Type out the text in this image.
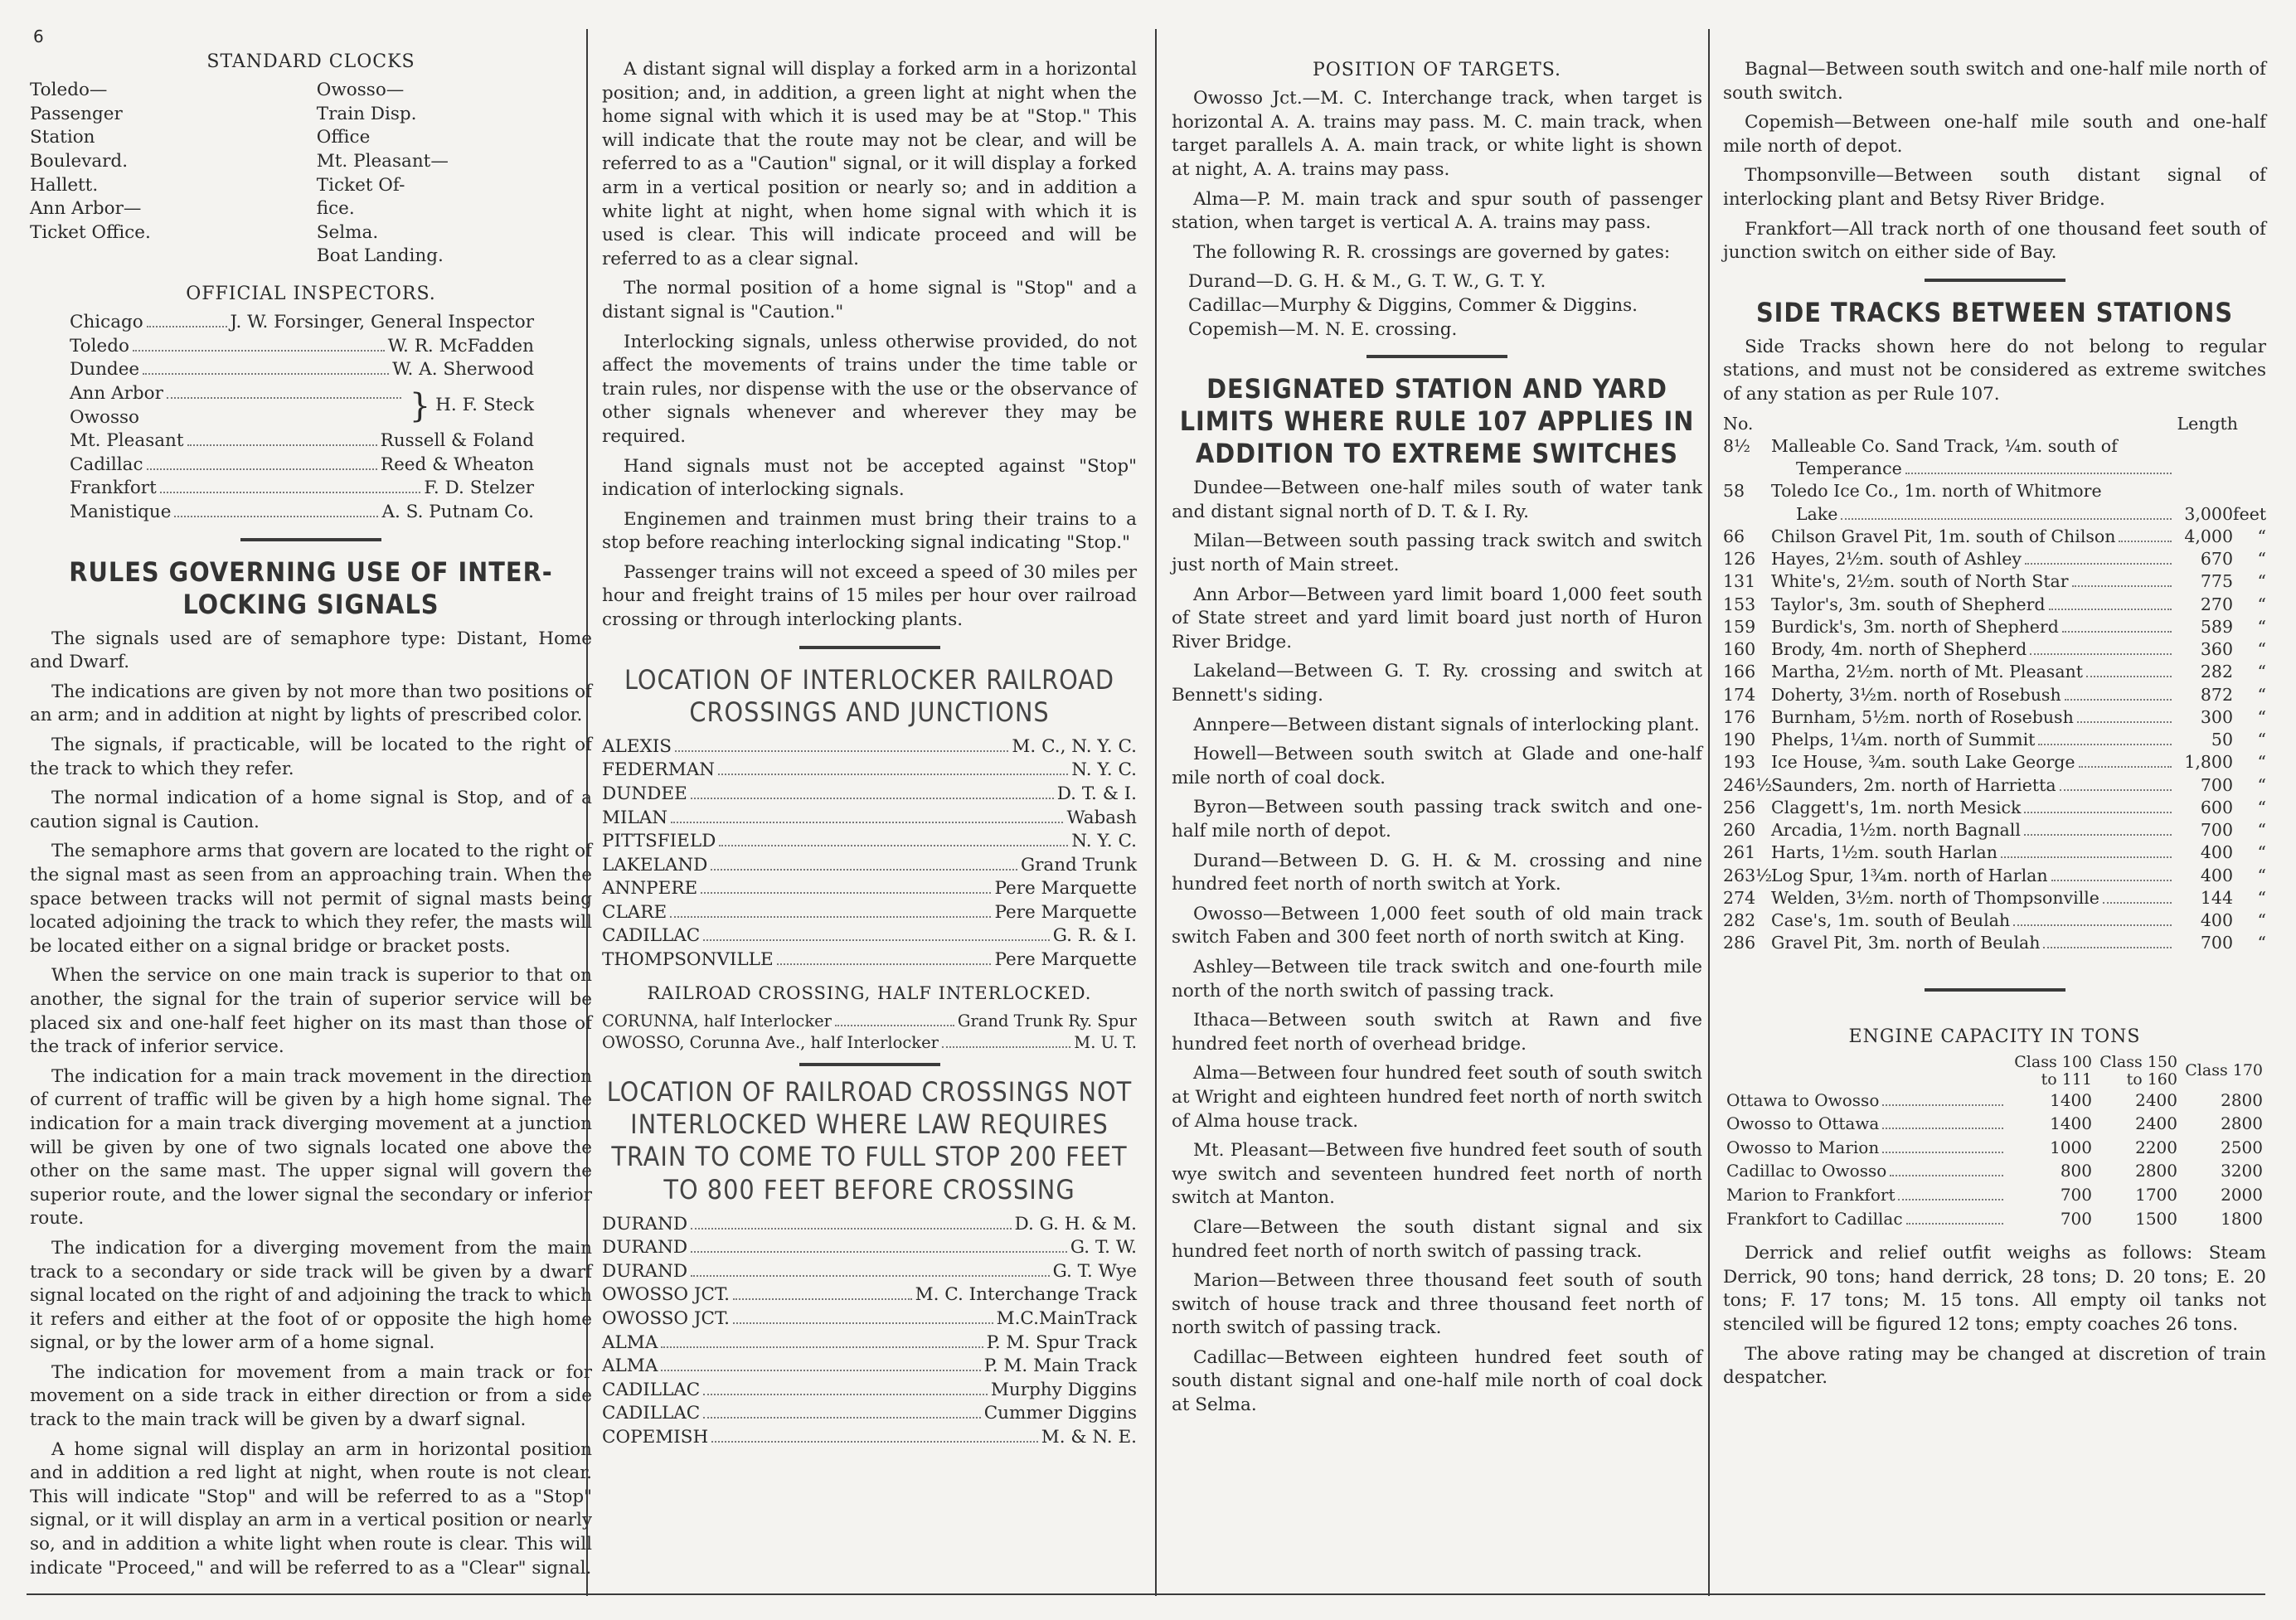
6
STANDARD CLOCKS
Toledo—Passenger Station
Boulevard.
Hallett.
Ann Arbor—Ticket Office.
Owosso—Train Disp. Office
Mt. Pleasant—Ticket Of-
fice.
Selma.
Boat Landing.
OFFICIAL INSPECTORS.
Chicago	J. W. Forsinger, General Inspector
Toledo	W. R. McFadden
Dundee	W. A. Sherwood
Ann Arbor
Owosso	} H. F. Steck
Mt. Pleasant	Russell & Foland
Cadillac	Reed & Wheaton
Frankfort	F. D. Stelzer
Manistique	A. S. Putnam Co.
RULES GOVERNING USE OF INTER-LOCKING SIGNALS
The signals used are of semaphore type: Distant, Home and Dwarf.
The indications are given by not more than two positions of an arm; and in addition at night by lights of prescribed color.
The signals, if practicable, will be located to the right of the track to which they refer.
The normal indication of a home signal is Stop, and of a caution signal is Caution.
The semaphore arms that govern are located to the right of the signal mast as seen from an approaching train. When the space between tracks will not permit of signal masts being located adjoining the track to which they refer, the masts will be located either on a signal bridge or bracket posts.
When the service on one main track is superior to that on another, the signal for the train of superior service will be placed six and one-half feet higher on its mast than those of the track of inferior service.
The indication for a main track movement in the direction of current of traffic will be given by a high home signal. The indication for a main track diverging movement at a junction will be given by one of two signals located one above the other on the same mast. The upper signal will govern the superior route, and the lower signal the secondary or inferior route.
The indication for a diverging movement from the main track to a secondary or side track will be given by a dwarf signal located on the right of and adjoining the track to which it refers and either at the foot of or opposite the high home signal, or by the lower arm of a home signal.
The indication for movement from a main track or for movement on a side track in either direction or from a side track to the main track will be given by a dwarf signal.
A home signal will display an arm in horizontal position and in addition a red light at night, when route is not clear. This will indicate "Stop" and will be referred to as a "Stop" signal, or it will display an arm in a vertical position or nearly so, and in addition a white light when route is clear. This will indicate "Proceed," and will be referred to as a "Clear" signal.
A distant signal will display a forked arm in a horizontal position; and, in addition, a green light at night when the home signal with which it is used may be at "Stop." This will indicate that the route may not be clear, and will be referred to as a "Caution" signal, or it will display a forked arm in a vertical position or nearly so; and in addition a white light at night, when home signal with which it is used is clear. This will indicate proceed and will be referred to as a clear signal.
The normal position of a home signal is "Stop" and a distant signal is "Caution."
Interlocking signals, unless otherwise provided, do not affect the movements of trains under the time table or train rules, nor dispense with the use or the observance of other signals whenever and wherever they may be required.
Hand signals must not be accepted against "Stop" indication of interlocking signals.
Enginemen and trainmen must bring their trains to a stop before reaching interlocking signal indicating "Stop."
Passenger trains will not exceed a speed of 30 miles per hour and freight trains of 15 miles per hour over railroad crossing or through interlocking plants.
LOCATION OF INTERLOCKER RAILROAD CROSSINGS AND JUNCTIONS
ALEXIS	M. C., N. Y. C.
FEDERMAN	N. Y. C.
DUNDEE	D. T. & I.
MILAN	Wabash
PITTSFIELD	N. Y. C.
LAKELAND	Grand Trunk
ANNPERE	Pere Marquette
CLARE	Pere Marquette
CADILLAC	G. R. & I.
THOMPSONVILLE	Pere Marquette
RAILROAD CROSSING, HALF INTERLOCKED.
CORUNNA, half Interlocker	Grand Trunk Ry. Spur
OWOSSO, Corunna Ave., half Interlocker	M. U. T.
LOCATION OF RAILROAD CROSSINGS NOT INTERLOCKED WHERE LAW REQUIRES TRAIN TO COME TO FULL STOP 200 FEET TO 800 FEET BEFORE CROSSING
DURAND	D. G. H. & M.
DURAND	G. T. W.
DURAND	G. T. Wye
OWOSSO JCT.	M. C. Interchange Track
OWOSSO JCT.	M.C.MainTrack
ALMA	P. M. Spur Track
ALMA	P. M. Main Track
CADILLAC	Murphy Diggins
CADILLAC	Cummer Diggins
COPEMISH	M. & N. E.
POSITION OF TARGETS.
Owosso Jct.—M. C. Interchange track, when target is horizontal A. A. trains may pass. M. C. main track, when target parallels A. A. main track, or white light is shown at night, A. A. trains may pass.
Alma—P. M. main track and spur south of passenger station, when target is vertical A. A. trains may pass.
The following R. R. crossings are governed by gates:
Durand—D. G. H. & M., G. T. W., G. T. Y.
Cadillac—Murphy & Diggins, Commer & Diggins.
Copemish—M. N. E. crossing.
DESIGNATED STATION AND YARD LIMITS WHERE RULE 107 APPLIES IN ADDITION TO EXTREME SWITCHES
Dundee—Between one-half miles south of water tank and distant signal north of D. T. & I. Ry.
Milan—Between south passing track switch and switch just north of Main street.
Ann Arbor—Between yard limit board 1,000 feet south of State street and yard limit board just north of Huron River Bridge.
Lakeland—Between G. T. Ry. crossing and switch at Bennett's siding.
Annpere—Between distant signals of interlocking plant.
Howell—Between south switch at Glade and one-half mile north of coal dock.
Byron—Between south passing track switch and one-half mile north of depot.
Durand—Between D. G. H. & M. crossing and nine hundred feet north of north switch at York.
Owosso—Between 1,000 feet south of old main track switch Faben and 300 feet north of north switch at King.
Ashley—Between tile track switch and one-fourth mile north of the north switch of passing track.
Ithaca—Between south switch at Rawn and five hundred feet north of overhead bridge.
Alma—Between four hundred feet south of south switch at Wright and eighteen hundred feet north of north switch of Alma house track.
Mt. Pleasant—Between five hundred feet south of south wye switch and seventeen hundred feet north of north switch at Manton.
Clare—Between the south distant signal and six hundred feet north of north switch of passing track.
Marion—Between three thousand feet south of south switch of house track and three thousand feet north of north switch of passing track.
Cadillac—Between eighteen hundred feet south of south distant signal and one-half mile north of coal dock at Selma.
Bagnal—Between south switch and one-half mile north of south switch.
Copemish—Between one-half mile south and one-half mile north of depot.
Thompsonville—Between south distant signal of interlocking plant and Betsy River Bridge.
Frankfort—All track north of one thousand feet south of junction switch on either side of Bay.
SIDE TRACKS BETWEEN STATIONS
Side Tracks shown here do not belong to regular stations, and must not be considered as extreme switches of any station as per Rule 107.
No.	Length
8½	Malleable Co. Sand Track, ¼m. south of
Temperance
58	Toledo Ice Co., 1m. north of Whitmore
Lake	3,000 feet
66	Chilson Gravel Pit, 1m. south of Chilson	4,000	“
126 Hayes, 2½m. south of Ashley	670	“
131 White's, 2½m. south of North Star	775	“
153 Taylor's, 3m. south of Shepherd	270	“
159 Burdick's, 3m. north of Shepherd	589	“
160 Brody, 4m. north of Shepherd	360	“
166 Martha, 2½m. north of Mt. Pleasant	282	“
174 Doherty, 3½m. north of Rosebush	872	“
176 Burnham, 5½m. north of Rosebush	300	“
190 Phelps, 1¼m. north of Summit	50	“
193 Ice House, ¾m. south Lake George	1,800	“
246½ Saunders, 2m. north of Harrietta	700	“
256 Claggett's, 1m. north Mesick	600	“
260 Arcadia, 1½m. north Bagnall	700	“
261 Harts, 1½m. south Harlan	400	“
263½ Log Spur, 1¾m. north of Harlan	400	“
274 Welden, 3½m. north of Thompsonville	144	“
282 Case's, 1m. south of Beulah	400	“
286 Gravel Pit, 3m. north of Beulah	700	“
ENGINE CAPACITY IN TONS
	Class 100 to 111	Class 150 to 160	Class 170

Ottawa to Owosso	1400	2400	2800

Owosso to Ottawa	1400	2400	2800

Owosso to Marion	1000	2200	2500

Cadillac to Owosso	800	2800	3200

Marion to Frankfort	700	1700	2000

Frankfort to Cadillac	700	1500	1800
Derrick and relief outfit weighs as follows: Steam Derrick, 90 tons; hand derrick, 28 tons; D. 20 tons; E. 20 tons; F. 17 tons; M. 15 tons. All empty oil tanks not stenciled will be figured 12 tons; empty coaches 26 tons.
The above rating may be changed at discretion of train despatcher.
